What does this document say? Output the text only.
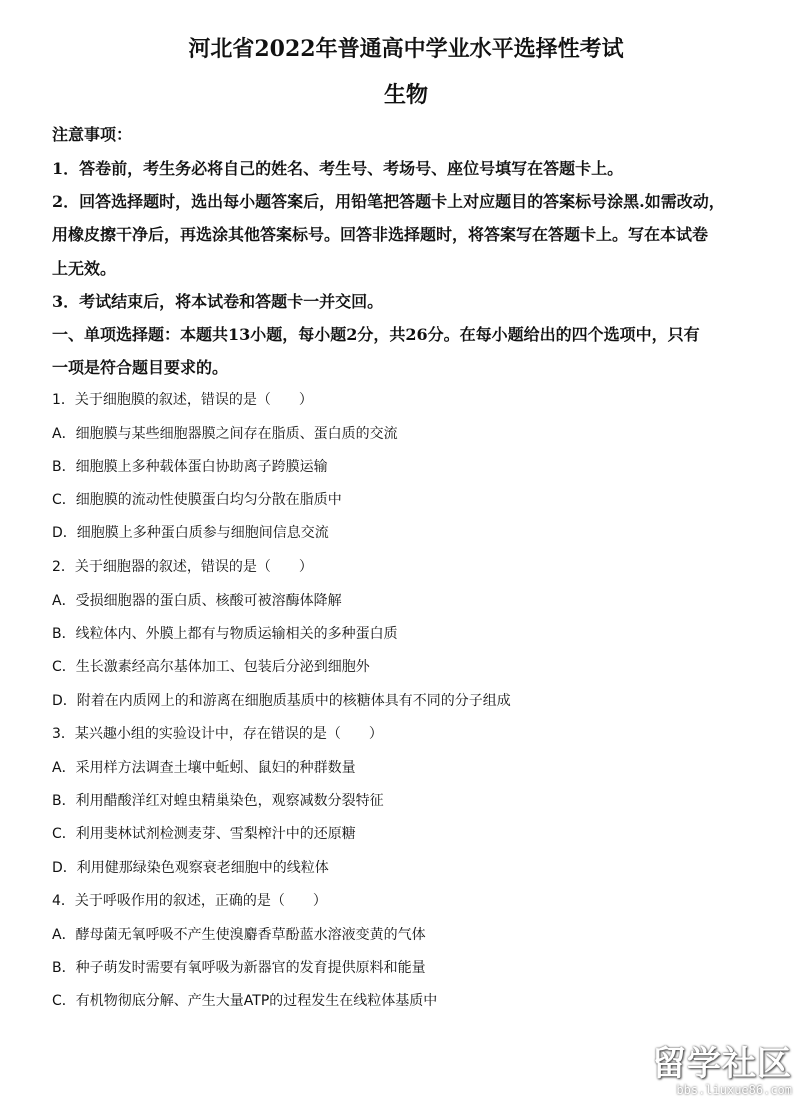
河北省2022年普通高中学业水平选择性考试
生物
注意事项：
1．答卷前，考生务必将自己的姓名、考生号、考场号、座位号填写在答题卡上。
2．回答选择题时，选出每小题答案后，用铅笔把答题卡上对应题目的答案标号涂黑.如需改动，
用橡皮擦干净后，再选涂其他答案标号。回答非选择题时，将答案写在答题卡上。写在本试卷
上无效。
3．考试结束后，将本试卷和答题卡一并交回。
一、单项选择题：本题共13小题，每小题2分，共26分。在每小题给出的四个选项中，只有
一项是符合题目要求的。
1．关于细胞膜的叙述，错误的是（　　）
A．细胞膜与某些细胞器膜之间存在脂质、蛋白质的交流
B．细胞膜上多种载体蛋白协助离子跨膜运输
C．细胞膜的流动性使膜蛋白均匀分散在脂质中
D．细胞膜上多种蛋白质参与细胞间信息交流
2．关于细胞器的叙述，错误的是（　　）
A．受损细胞器的蛋白质、核酸可被溶酶体降解
B．线粒体内、外膜上都有与物质运输相关的多种蛋白质
C．生长激素经高尔基体加工、包装后分泌到细胞外
D．附着在内质网上的和游离在细胞质基质中的核糖体具有不同的分子组成
3．某兴趣小组的实验设计中，存在错误的是（　　）
A．采用样方法调查土壤中蚯蚓、鼠妇的种群数量
B．利用醋酸洋红对蝗虫精巢染色，观察减数分裂特征
C．利用斐林试剂检测麦芽、雪梨榨汁中的还原糖
D．利用健那绿染色观察衰老细胞中的线粒体
4．关于呼吸作用的叙述，正确的是（　　）
A．酵母菌无氧呼吸不产生使溴麝香草酚蓝水溶液变黄的气体
B．种子萌发时需要有氧呼吸为新器官的发育提供原料和能量
C．有机物彻底分解、产生大量ATP的过程发生在线粒体基质中
留学社区
bbs.liuxue86.com
